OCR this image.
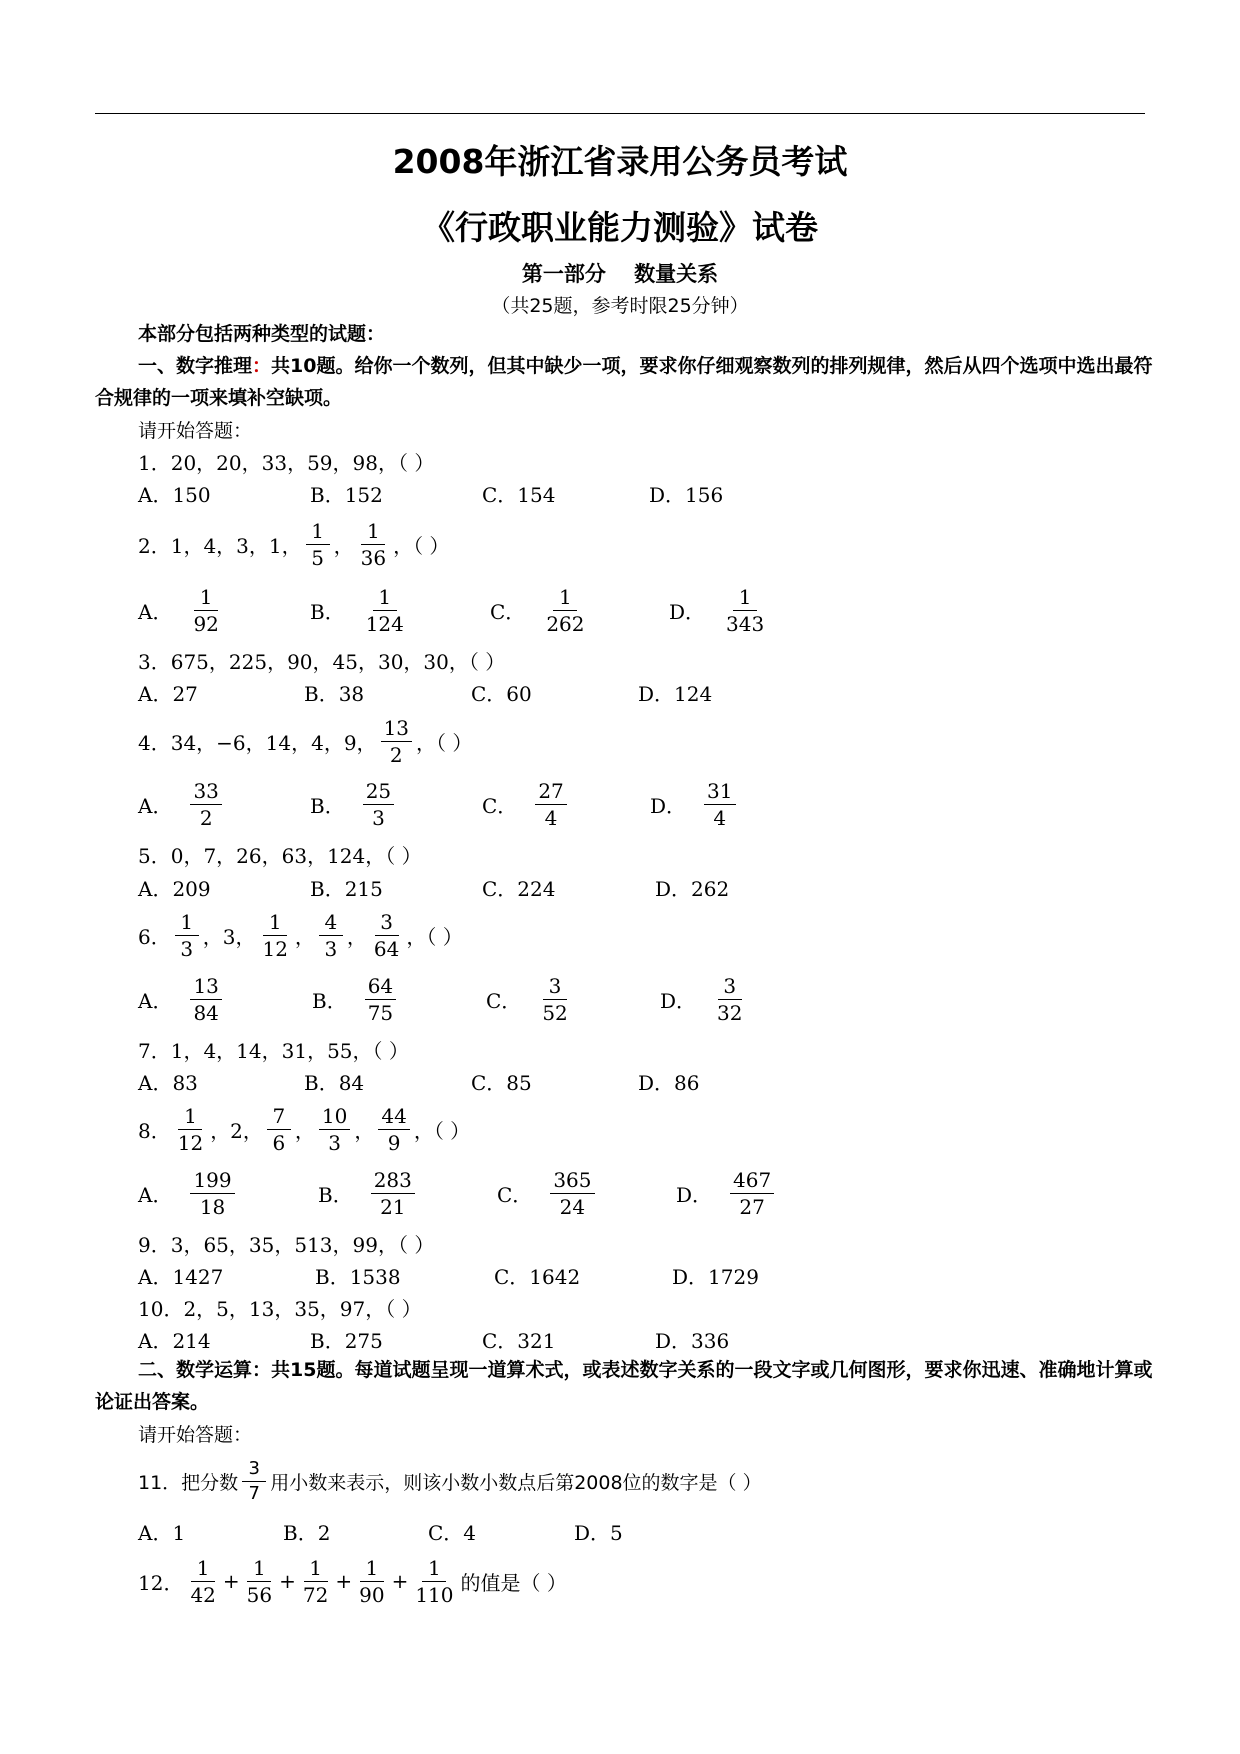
2008年浙江省录用公务员考试
《行政职业能力测验》试卷
第一部分　 数量关系
（共25题，参考时限25分钟）
本部分包括两种类型的试题：
一、数字推理：共10题。给你一个数列，但其中缺少一项，要求你仔细观察数列的排列规律，然后从四个选项中选出最符合规律的一项来填补空缺项。
请开始答题：
1．20，20，33，59，98，（ ）
A．150	B．152	C．154	D．156
2．1，4，3，1， $\frac{1}{5}$ ， $\frac{1}{36}$ ，（ ）
A． $\frac{1}{92}$	B． $\frac{1}{124}$	C． $\frac{1}{262}$	D． $\frac{1}{343}$
3．675，225，90，45，30，30，（ ）
A．27	B．38	C．60	D．124
4．34，−6，14，4，9， $\frac{13}{2}$ ，（ ）
A． $\frac{33}{2}$	B． $\frac{25}{3}$	C． $\frac{27}{4}$	D． $\frac{31}{4}$
5．0，7，26，63，124，（ ）
A．209	B．215	C．224	D．262
6． $\frac{1}{3}$ ，3， $\frac{1}{12}$ ， $\frac{4}{3}$ ， $\frac{3}{64}$ ，（ ）
A． $\frac{13}{84}$	B． $\frac{64}{75}$	C． $\frac{3}{52}$	D． $\frac{3}{32}$
7．1，4，14，31，55，（ ）
A．83	B．84	C．85	D．86
8． $\frac{1}{12}$ ，2， $\frac{7}{6}$ ， $\frac{10}{3}$ ， $\frac{44}{9}$ ，（ ）
A． $\frac{199}{18}$	B． $\frac{283}{21}$	C． $\frac{365}{24}$	D． $\frac{467}{27}$
9．3，65，35，513，99，（ ）
A．1427	B．1538	C．1642	D．1729
10．2，5，13，35，97，（ ）
A．214	B．275	C．321	D．336
二、数学运算：共15题。每道试题呈现一道算术式，或表述数字关系的一段文字或几何图形，要求你迅速、准确地计算或论证出答案。
请开始答题：
11．把分数 $\frac{3}{7}$ 用小数来表示，则该小数小数点后第2008位的数字是（ ）
A．1	B．2	C．4	D．5
12． $\frac{1}{42} + \frac{1}{56} + \frac{1}{72} + \frac{1}{90} + \frac{1}{110}$ 的值是（ ）
